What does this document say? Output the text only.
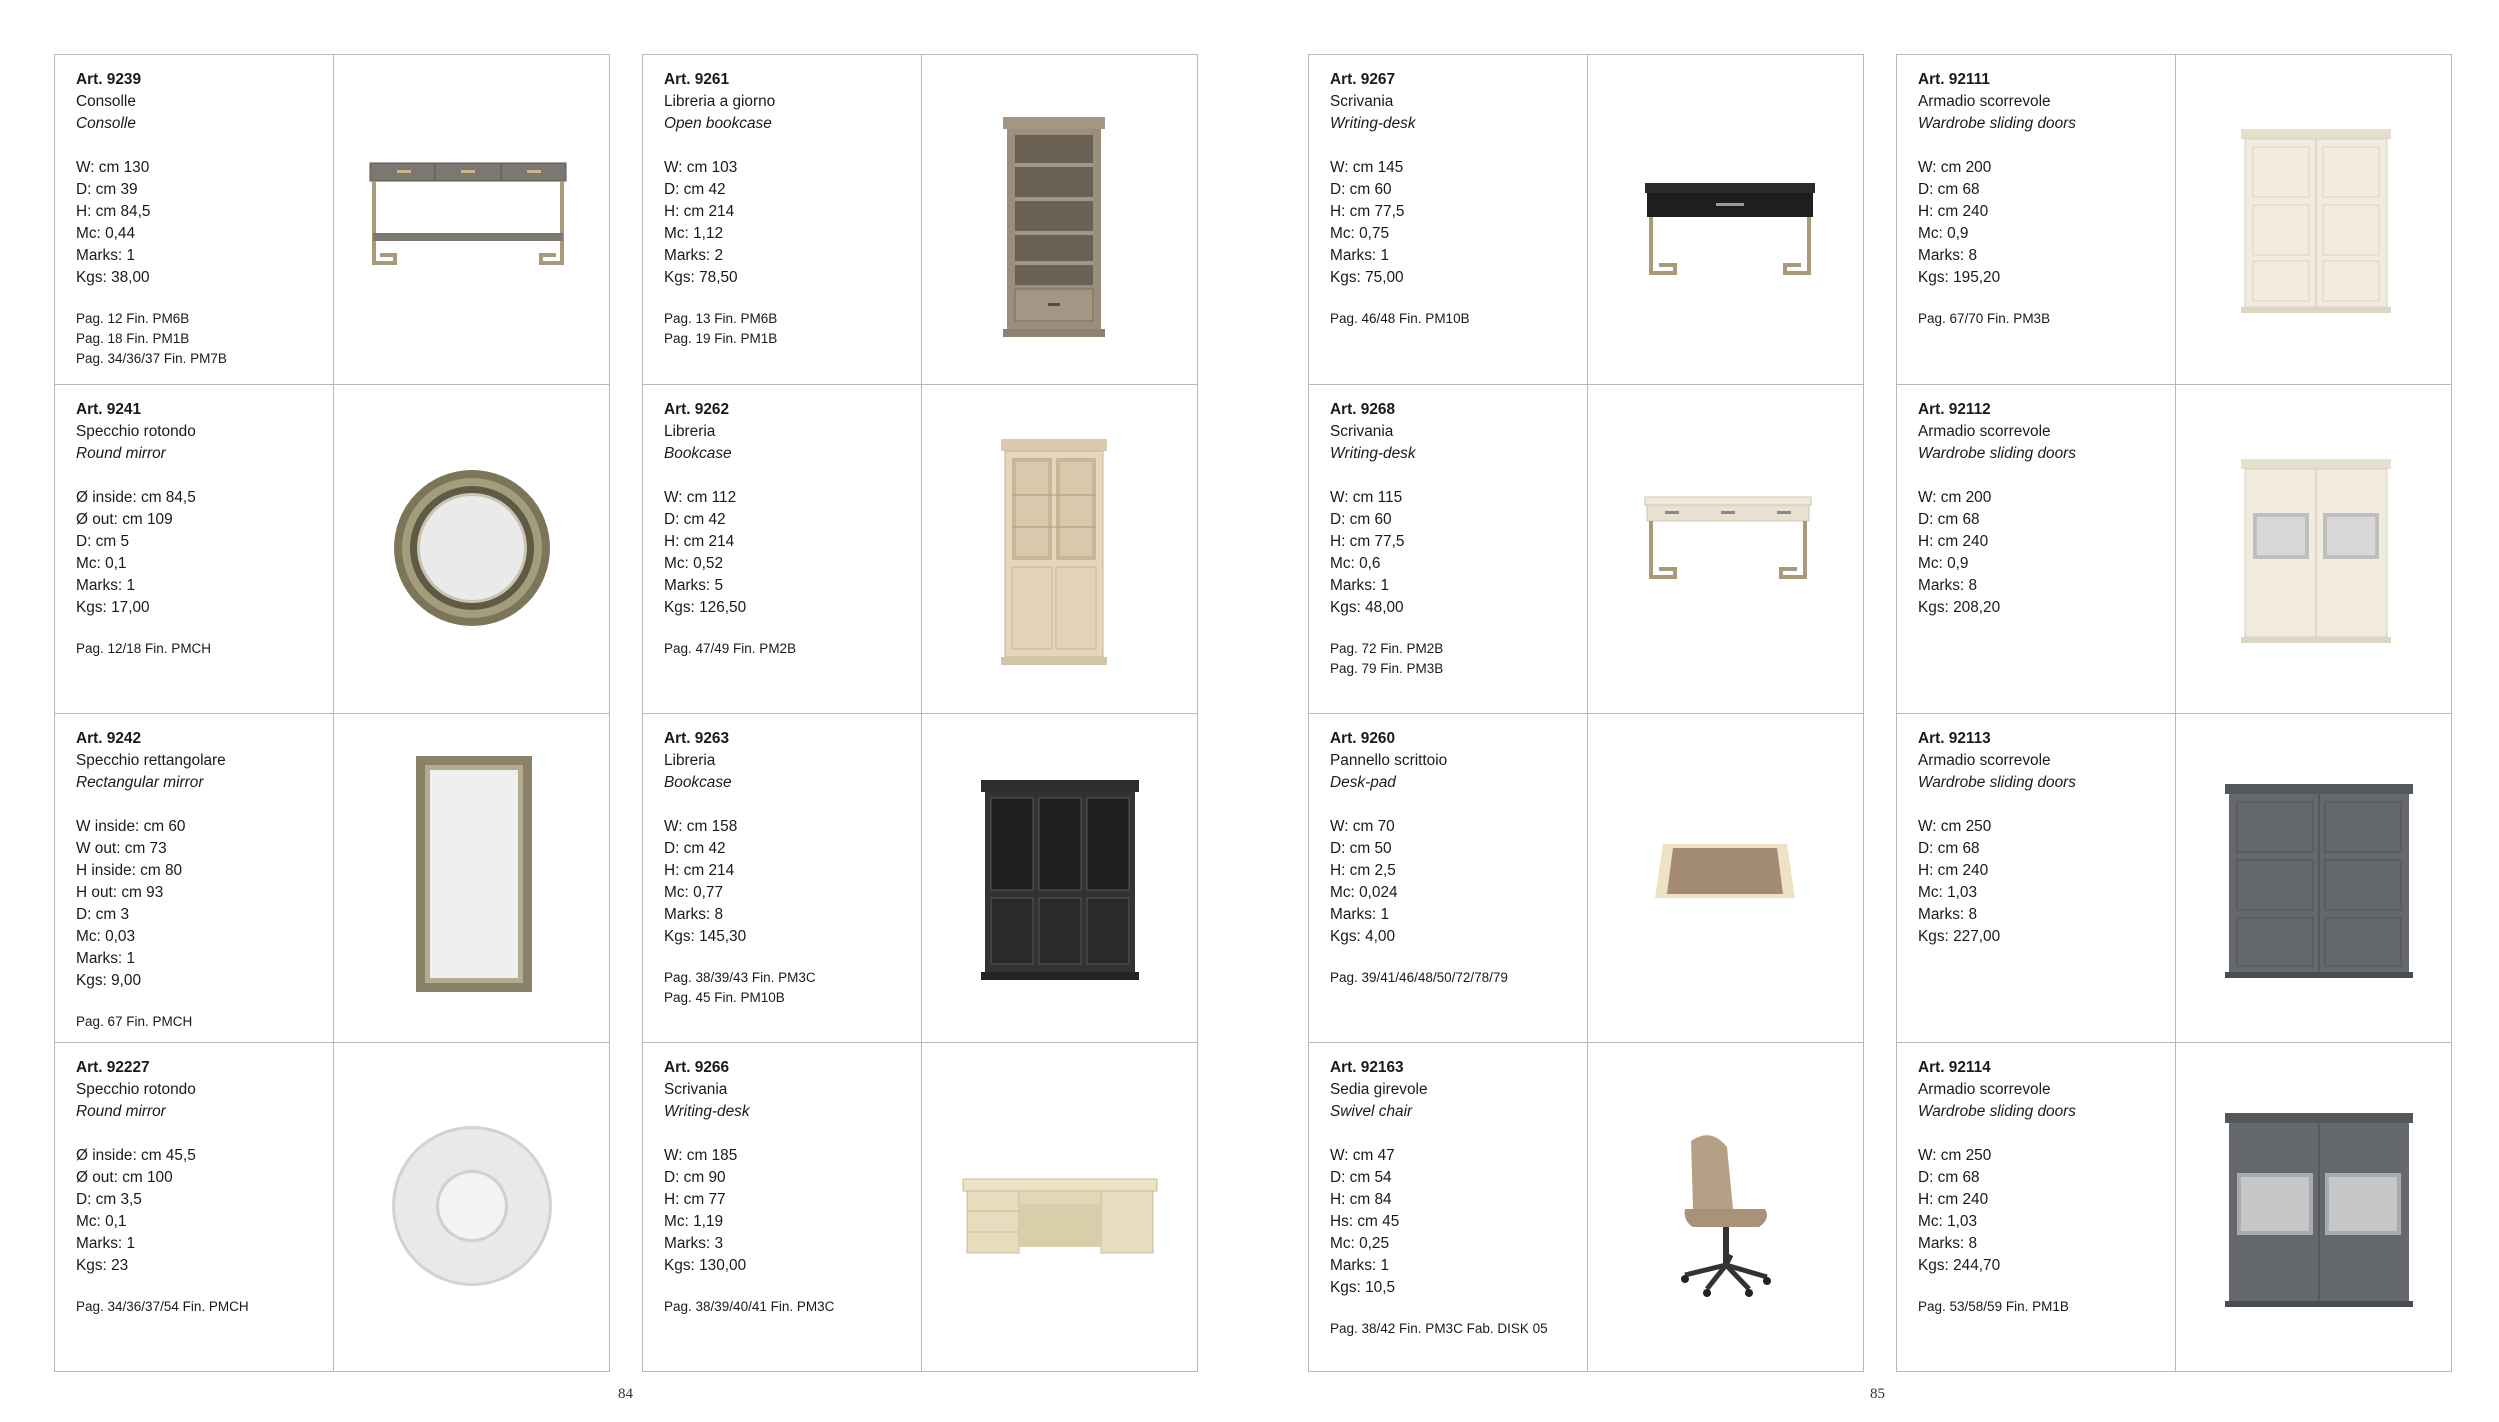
Art. 9239
Consolle
Consolle
W: cm 130
D: cm 39
H: cm 84,5
Mc: 0,44
Marks: 1
Kgs: 38,00
Pag. 12 Fin. PM6B
Pag. 18 Fin. PM1B
Pag. 34/36/37 Fin. PM7B
Art. 9241
Specchio rotondo
Round mirror
Ø inside: cm 84,5
Ø out: cm 109
D: cm 5
Mc: 0,1
Marks: 1
Kgs: 17,00
Pag. 12/18 Fin. PMCH
Art. 9242
Specchio rettangolare
Rectangular mirror
W inside: cm 60
W out: cm 73
H inside: cm 80
H out: cm 93
D: cm 3
Mc: 0,03
Marks: 1
Kgs: 9,00
Pag. 67 Fin. PMCH
Art. 92227
Specchio rotondo
Round mirror
Ø inside: cm 45,5
Ø out: cm 100
D: cm 3,5
Mc: 0,1
Marks: 1
Kgs: 23
Pag. 34/36/37/54 Fin. PMCH
Art. 9261
Libreria a giorno
Open bookcase
W: cm 103
D: cm 42
H: cm 214
Mc: 1,12
Marks: 2
Kgs: 78,50
Pag. 13 Fin. PM6B
Pag. 19 Fin. PM1B
Art. 9262
Libreria
Bookcase
W: cm 112
D: cm 42
H: cm 214
Mc: 0,52
Marks: 5
Kgs: 126,50
Pag. 47/49 Fin. PM2B
Art. 9263
Libreria
Bookcase
W: cm 158
D: cm 42
H: cm 214
Mc: 0,77
Marks: 8
Kgs: 145,30
Pag. 38/39/43 Fin. PM3C
Pag. 45 Fin. PM10B
Art. 9266
Scrivania
Writing-desk
W: cm 185
D: cm 90
H: cm 77
Mc: 1,19
Marks: 3
Kgs: 130,00
Pag. 38/39/40/41 Fin. PM3C
84
Art. 9267
Scrivania
Writing-desk
W: cm 145
D: cm 60
H: cm 77,5
Mc: 0,75
Marks: 1
Kgs: 75,00
Pag. 46/48 Fin. PM10B
Art. 9268
Scrivania
Writing-desk
W: cm 115
D: cm 60
H: cm 77,5
Mc: 0,6
Marks: 1
Kgs: 48,00
Pag. 72 Fin. PM2B
Pag. 79 Fin. PM3B
Art. 9260
Pannello scrittoio
Desk-pad
W: cm 70
D: cm 50
H: cm 2,5
Mc: 0,024
Marks: 1
Kgs: 4,00
Pag. 39/41/46/48/50/72/78/79
Art. 92163
Sedia girevole
Swivel chair
W: cm 47
D: cm 54
H: cm 84
Hs: cm 45
Mc: 0,25
Marks: 1
Kgs: 10,5
Pag. 38/42 Fin. PM3C Fab. DISK 05
Art. 92111
Armadio scorrevole
Wardrobe sliding doors
W: cm 200
D: cm 68
H: cm 240
Mc: 0,9
Marks: 8
Kgs: 195,20
Pag. 67/70 Fin. PM3B
Art. 92112
Armadio scorrevole
Wardrobe sliding doors
W: cm 200
D: cm 68
H: cm 240
Mc: 0,9
Marks: 8
Kgs: 208,20
Art. 92113
Armadio scorrevole
Wardrobe sliding doors
W: cm 250
D: cm 68
H: cm 240
Mc: 1,03
Marks: 8
Kgs: 227,00
Art. 92114
Armadio scorrevole
Wardrobe sliding doors
W: cm 250
D: cm 68
H: cm 240
Mc: 1,03
Marks: 8
Kgs: 244,70
Pag. 53/58/59 Fin. PM1B
85
